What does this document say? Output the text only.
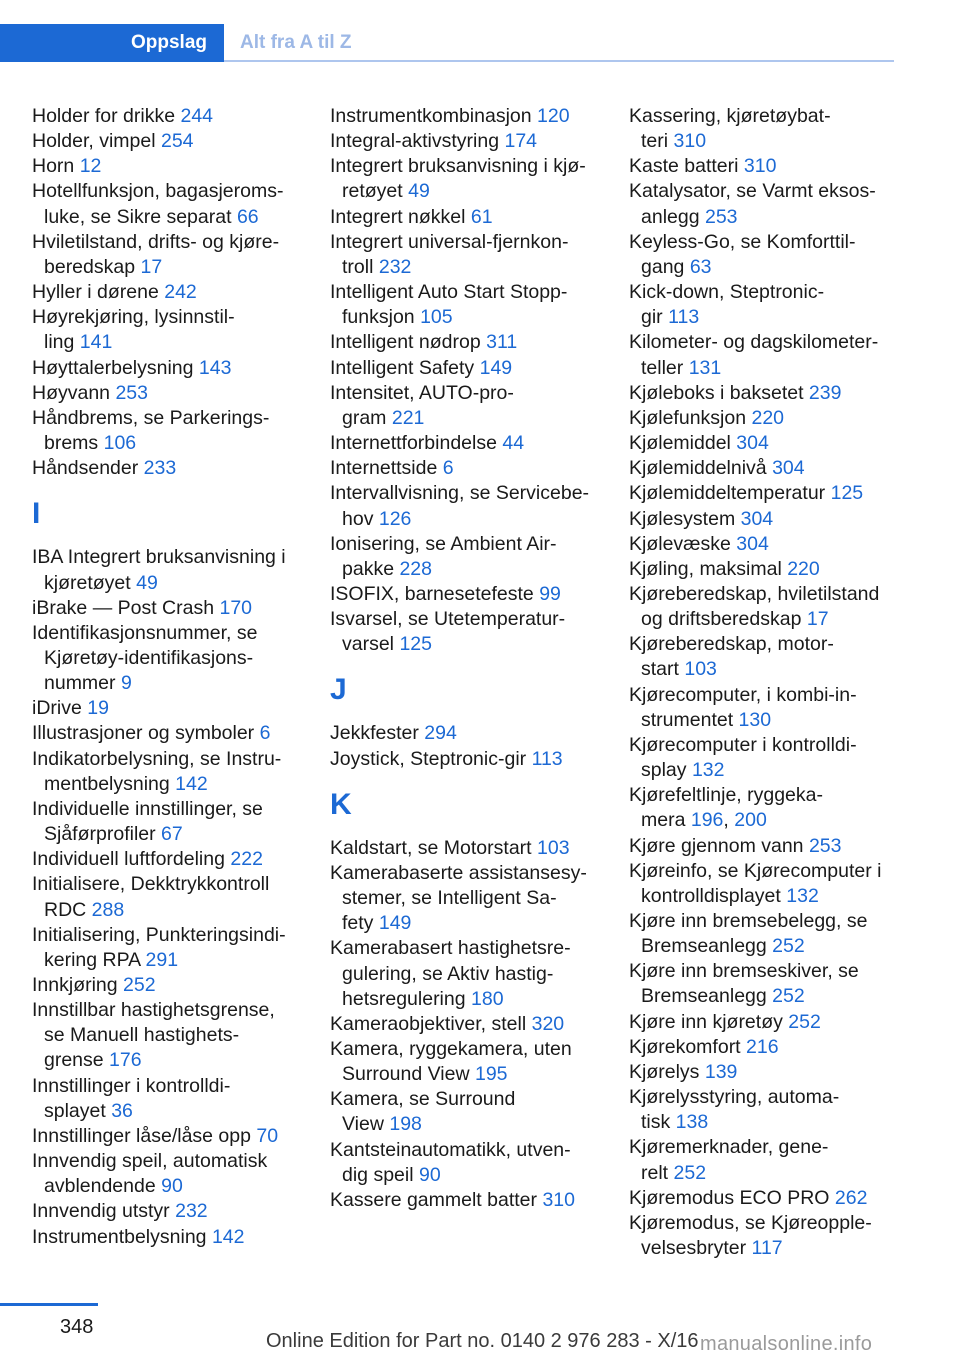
Oppslag	Alt fra A til Z
Holder for drikke 244
Holder, vimpel 254
Horn 12
Hotellfunksjon, bagasjeroms-
luke, se Sikre separat 66
Hviletilstand, drifts- og kjøre-
beredskap 17
Hyller i dørene 242
Høyrekjøring, lysinnstil-
ling 141
Høyttalerbelysning 143
Høyvann 253
Håndbrems, se Parkerings-
brems 106
Håndsender 233
I
IBA Integrert bruksanvisning i
kjøretøyet 49
iBrake — Post Crash 170
Identifikasjonsnummer, se
Kjøretøy-identifikasjons-
nummer 9
iDrive 19
Illustrasjoner og symboler 6
Indikatorbelysning, se Instru-
mentbelysning 142
Individuelle innstillinger, se
Sjåførprofiler 67
Individuell luftfordeling 222
Initialisere, Dekktrykkontroll
RDC 288
Initialisering, Punkteringsindi-
kering RPA 291
Innkjøring 252
Innstillbar hastighetsgrense,
se Manuell hastighets-
grense 176
Innstillinger i kontrolldi-
splayet 36
Innstillinger låse/låse opp 70
Innvendig speil, automatisk
avblendende 90
Innvendig utstyr 232
Instrumentbelysning 142
Instrumentkombinasjon 120
Integral-aktivstyring 174
Integrert bruksanvisning i kjø-
retøyet 49
Integrert nøkkel 61
Integrert universal-fjernkon-
troll 232
Intelligent Auto Start Stopp-
funksjon 105
Intelligent nødrop 311
Intelligent Safety 149
Intensitet, AUTO-pro-
gram 221
Internettforbindelse 44
Internettside 6
Intervallvisning, se Servicebe-
hov 126
Ionisering, se Ambient Air-
pakke 228
ISOFIX, barnesetefeste 99
Isvarsel, se Utetemperatur-
varsel 125
J
Jekkfester 294
Joystick, Steptronic-gir 113
K
Kaldstart, se Motorstart 103
Kamerabaserte assistansesy-
stemer, se Intelligent Sa-
fety 149
Kamerabasert hastighetsre-
gulering, se Aktiv hastig-
hetsregulering 180
Kameraobjektiver, stell 320
Kamera, ryggekamera, uten
Surround View 195
Kamera, se Surround
View 198
Kantsteinautomatikk, utven-
dig speil 90
Kassere gammelt batter 310
Kassering, kjøretøybat-
teri 310
Kaste batteri 310
Katalysator, se Varmt eksos-
anlegg 253
Keyless-Go, se Komforttil-
gang 63
Kick-down, Steptronic-
gir 113
Kilometer- og dagskilometer-
teller 131
Kjøleboks i baksetet 239
Kjølefunksjon 220
Kjølemiddel 304
Kjølemiddelnivå 304
Kjølemiddeltemperatur 125
Kjølesystem 304
Kjølevæske 304
Kjøling, maksimal 220
Kjøreberedskap, hviletilstand
og driftsberedskap 17
Kjøreberedskap, motor-
start 103
Kjørecomputer, i kombi-in-
strumentet 130
Kjørecomputer i kontrolldi-
splay 132
Kjørefeltlinje, ryggeka-
mera 196, 200
Kjøre gjennom vann 253
Kjøreinfo, se Kjørecomputer i
kontrolldisplayet 132
Kjøre inn bremsebelegg, se
Bremseanlegg 252
Kjøre inn bremseskiver, se
Bremseanlegg 252
Kjøre inn kjøretøy 252
Kjørekomfort 216
Kjørelys 139
Kjørelysstyring, automa-
tisk 138
Kjøremerknader, gene-
relt 252
Kjøremodus ECO PRO 262
Kjøremodus, se Kjøreopple-
velsesbryter 117
348
Online Edition for Part no. 0140 2 976 283 - X/16 manualsonline.info
